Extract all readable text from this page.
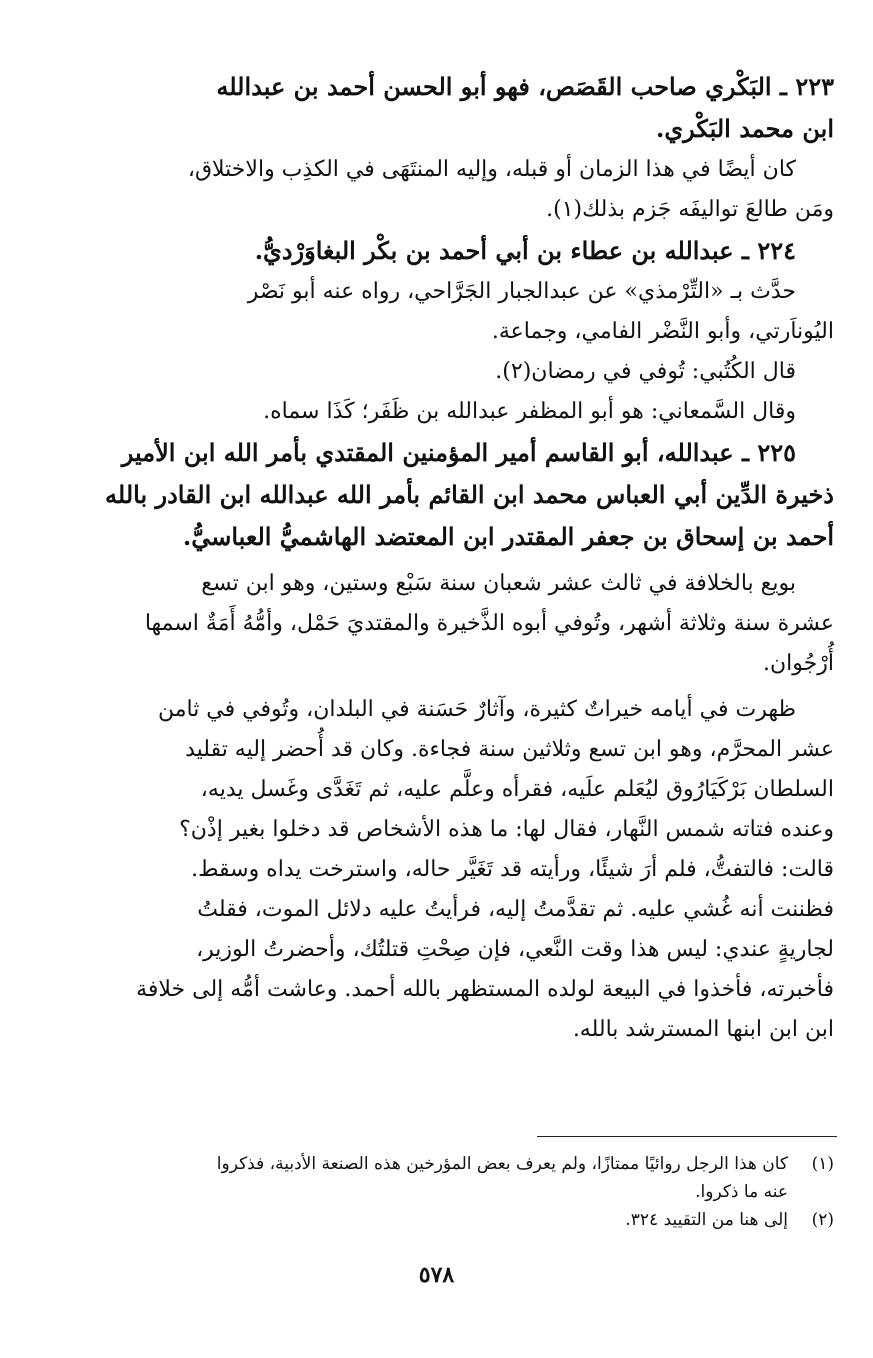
٢٢٣ ـ البَكْري صاحب القَصَص، فهو أبو الحسن أحمد بن عبدالله

ابن محمد البَكْري.

كان أيضًا في هذا الزمان أو قبله، وإليه المنتَهَى في الكذِب والاختلاق،

ومَن طالعَ تواليفَه جَزم بذلك(١).

٢٢٤ ـ عبدالله بن عطاء بن أبي أحمد بن بكْر البغاوَرْديُّ.

حدَّث بـ «التِّرْمذي» عن عبدالجبار الجَرَّاحي، رواه عنه أبو نَصْر

اليُوناَرتي، وأبو النَّضْر الفامي، وجماعة.

قال الكُتُبي: تُوفي في رمضان(٢).

وقال السَّمعاني: هو أبو المظفر عبدالله بن ظَفَر؛ كَذَا سماه.

٢٢٥ ـ عبدالله، أبو القاسم أمير المؤمنين المقتدي بأمر الله ابن الأمير

ذخيرة الدِّين أبي العباس محمد ابن القائم بأمر الله عبدالله ابن القادر بالله

أحمد بن إسحاق بن جعفر المقتدر ابن المعتضد الهاشميُّ العباسيُّ.

بويع بالخلافة في ثالث عشر شعبان سنة سَبْع وستين، وهو ابن تسع

عشرة سنة وثلاثة أشهر، وتُوفي أبوه الذَّخيرة والمقتديَ حَمْل، وأمُّهُ أَمَةٌ اسمها

أُرْجُوان.

ظهرت في أيامه خيراتٌ كثيرة، وآثارٌ حَسَنة في البلدان، وتُوفي في ثامن

عشر المحرَّم، وهو ابن تسع وثلاثين سنة فجاءة. وكان قد أُحضر إليه تقليد

السلطان بَرْكَيَارُوق ليُعَلم علَيه، فقرأه وعلَّم عليه، ثم تَغَدَّى وغَسل يديه،

وعنده فتاته شمس النَّهار، فقال لها: ما هذه الأشخاص قد دخلوا بغير إذْن؟

قالت: فالتفتُّ، فلم أرَ شيئًا، ورأيته قد تَغَيَّر حاله، واسترخت يداه وسقط.

فظننت أنه غُشي عليه. ثم تقدَّمتُ إليه، فرأيتُ عليه دلائل الموت، فقلتُ

لجاريةٍ عندي: ليس هذا وقت النَّعي، فإن صِحْتِ قتلتُك، وأحضرتُ الوزير،

فأخبرته، فأخذوا في البيعة لولده المستظهر بالله أحمد. وعاشت أمُّه إلى خلافة

ابن ابن ابنها المسترشد بالله.

(١)
كان هذا الرجل روائيًا ممتازًا، ولم يعرف بعض المؤرخين هذه الصنعة الأدبية، فذكروا
عنه ما ذكروا.
(٢)
إلى هنا من التقييد ٣٢٤.
٥٧٨
